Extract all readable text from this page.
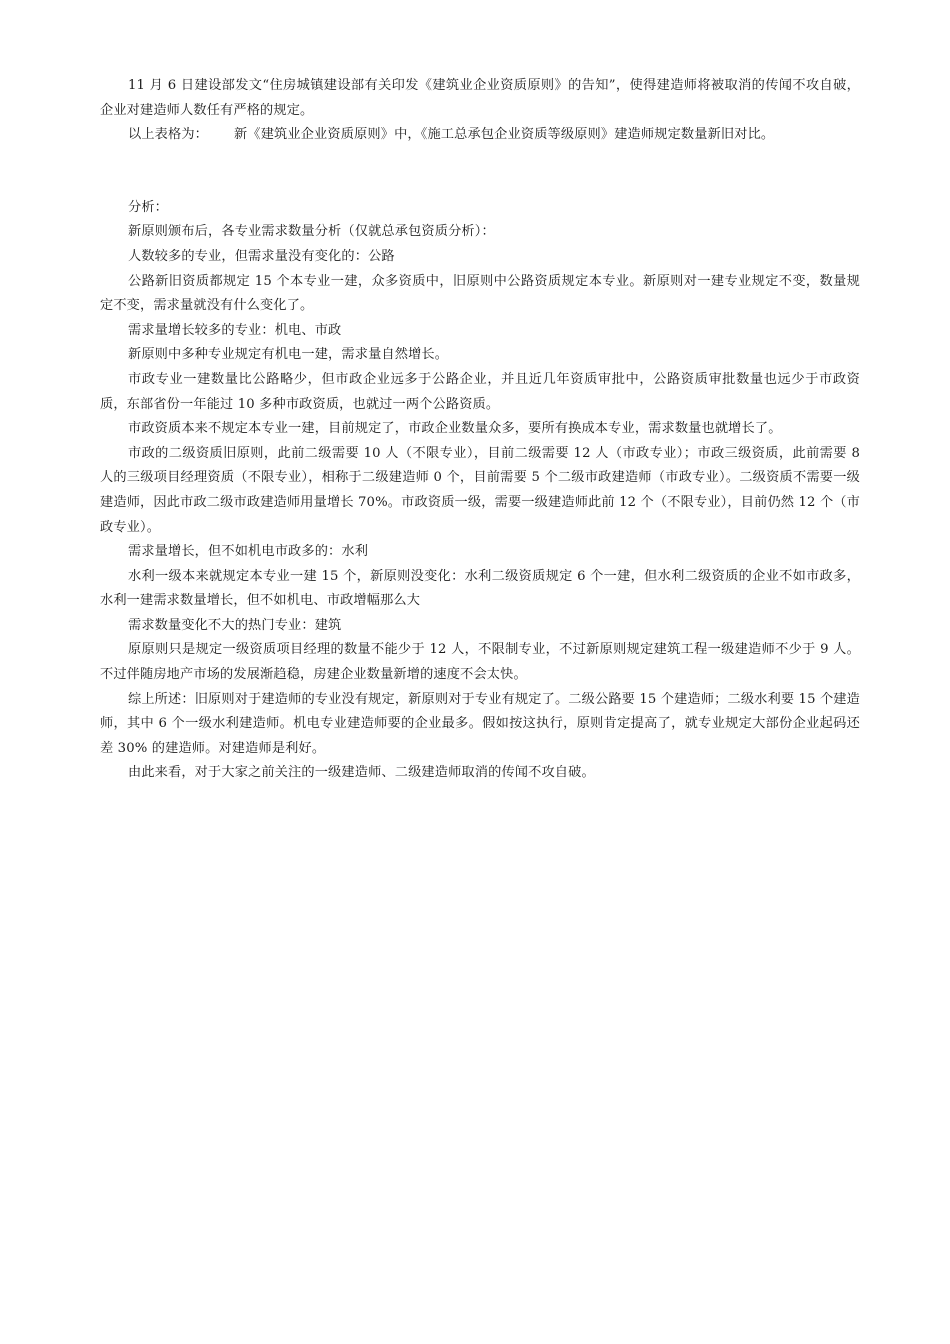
11 月 6 日建设部发文“住房城镇建设部有关印发《建筑业企业资质原则》的告知”，使得建造师将被取消的传闻不攻自破，企业对建造师人数任有严格的规定。

以上表格为： 新《建筑业企业资质原则》中，《施工总承包企业资质等级原则》建造师规定数量新旧对比。

分析：

新原则颁布后，各专业需求数量分析（仅就总承包资质分析）：

人数较多的专业，但需求量没有变化的：公路

公路新旧资质都规定 15 个本专业一建，众多资质中，旧原则中公路资质规定本专业。新原则对一建专业规定不变，数量规定不变，需求量就没有什么变化了。

需求量增长较多的专业：机电、市政

新原则中多种专业规定有机电一建，需求量自然增长。

市政专业一建数量比公路略少，但市政企业远多于公路企业，并且近几年资质审批中，公路资质审批数量也远少于市政资质，东部省份一年能过 10 多种市政资质，也就过一两个公路资质。

市政资质本来不规定本专业一建，目前规定了，市政企业数量众多，要所有换成本专业，需求数量也就增长了。

市政的二级资质旧原则，此前二级需要 10 人（不限专业），目前二级需要 12 人（市政专业）；市政三级资质，此前需要 8 人的三级项目经理资质（不限专业），相称于二级建造师 0 个，目前需要 5 个二级市政建造师（市政专业）。二级资质不需要一级建造师，因此市政二级市政建造师用量增长 70%。市政资质一级，需要一级建造师此前 12 个（不限专业），目前仍然 12 个（市政专业）。

需求量增长，但不如机电市政多的：水利

水利一级本来就规定本专业一建 15 个，新原则没变化：水利二级资质规定 6 个一建，但水利二级资质的企业不如市政多，水利一建需求数量增长，但不如机电、市政增幅那么大

需求数量变化不大的热门专业：建筑

原原则只是规定一级资质项目经理的数量不能少于 12 人，不限制专业，不过新原则规定建筑工程一级建造师不少于 9 人。不过伴随房地产市场的发展渐趋稳，房建企业数量新增的速度不会太快。

综上所述：旧原则对于建造师的专业没有规定，新原则对于专业有规定了。二级公路要 15 个建造师；二级水利要 15 个建造师，其中 6 个一级水利建造师。机电专业建造师要的企业最多。假如按这执行，原则肯定提高了，就专业规定大部份企业起码还差 30% 的建造师。对建造师是利好。

由此来看，对于大家之前关注的一级建造师、二级建造师取消的传闻不攻自破。
